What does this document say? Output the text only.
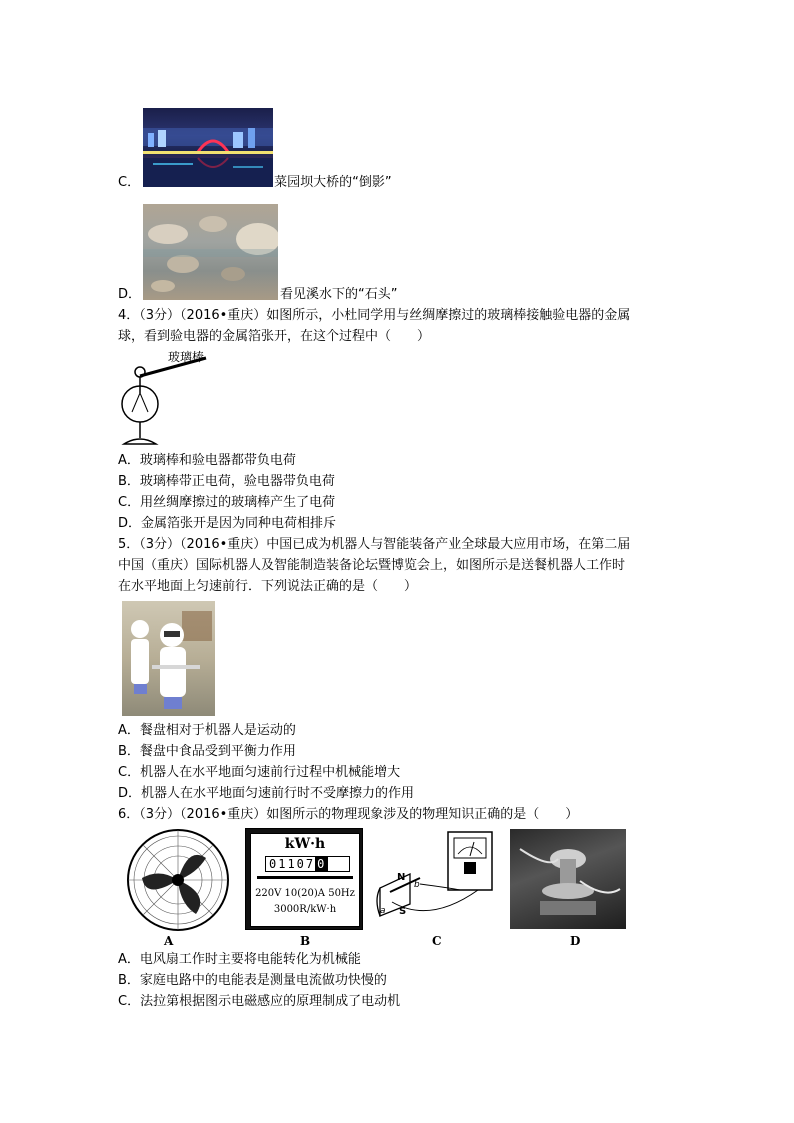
C．	菜园坝大桥的“倒影”
D．	看见溪水下的“石头”
4．（3分）（2016•重庆）如图所示，小杜同学用与丝绸摩擦过的玻璃棒接触验电器的金属
球，看到验电器的金属箔张开，在这个过程中（　　）
玻璃棒
A．玻璃棒和验电器都带负电荷
B．玻璃棒带正电荷，验电器带负电荷
C．用丝绸摩擦过的玻璃棒产生了电荷
D．金属箔张开是因为同种电荷相排斥
5．（3分）（2016•重庆）中国已成为机器人与智能装备产业全球最大应用市场，在第二届
中国（重庆）国际机器人及智能制造装备论坛暨博览会上，如图所示是送餐机器人工作时
在水平地面上匀速前行．下列说法正确的是（　　）
A．餐盘相对于机器人是运动的
B．餐盘中食品受到平衡力作用
C．机器人在水平地面匀速前行过程中机械能增大
D．机器人在水平地面匀速前行时不受摩擦力的作用
6．（3分）（2016•重庆）如图所示的物理现象涉及的物理知识正确的是（　　）
A
kW·h
01107 0
220V 10(20)A 50Hz
3000R/kW·h
B
N
S
a
b
C	D
A．电风扇工作时主要将电能转化为机械能
B．家庭电路中的电能表是测量电流做功快慢的
C．法拉第根据图示电磁感应的原理制成了电动机
